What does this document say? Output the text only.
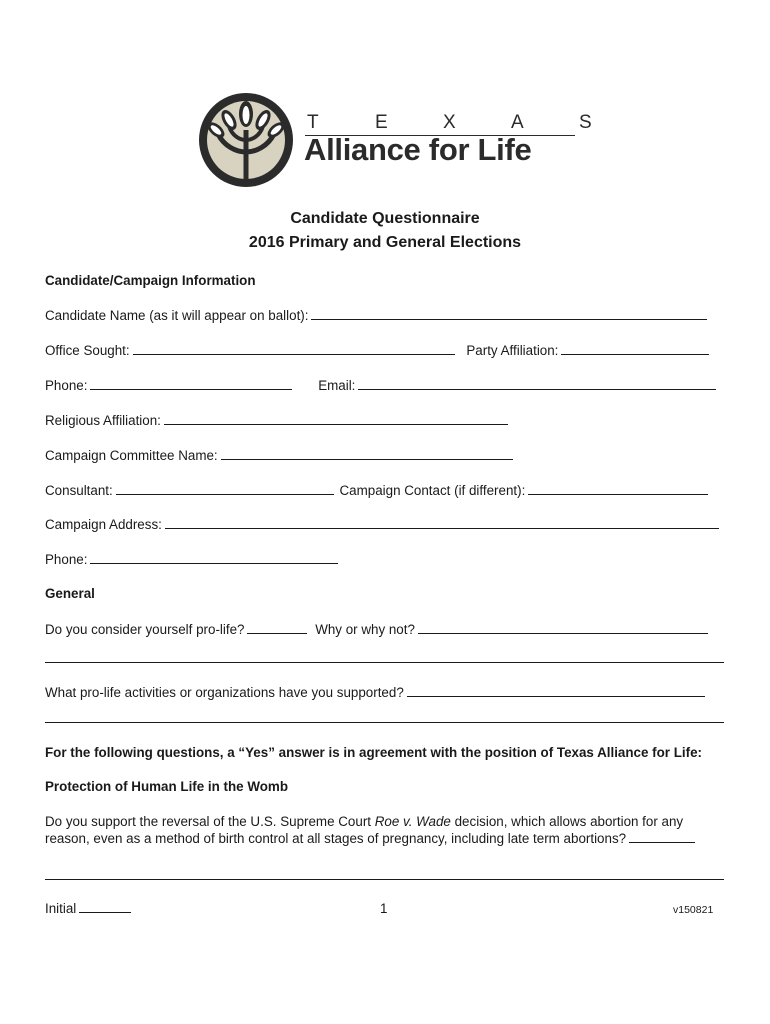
T	E	X	A	S
Alliance for Life
Candidate Questionnaire
2016 Primary and General Elections
Candidate/Campaign Information
Candidate Name (as it will appear on ballot):
Office Sought:	Party Affiliation:
Phone:	Email:
Religious Affiliation:
Campaign Committee Name:
Consultant:	Campaign Contact (if different):
Campaign Address:
Phone:
General
Do you consider yourself pro-life?	Why or why not?
What pro-life activities or organizations have you supported?
For the following questions, a “Yes” answer is in agreement with the position of Texas Alliance for Life:
Protection of Human Life in the Womb
Do you support the reversal of the U.S. Supreme Court Roe v. Wade decision, which allows abortion for any
reason, even as a method of birth control at all stages of pregnancy, including late term abortions?
Initial	1	v150821
